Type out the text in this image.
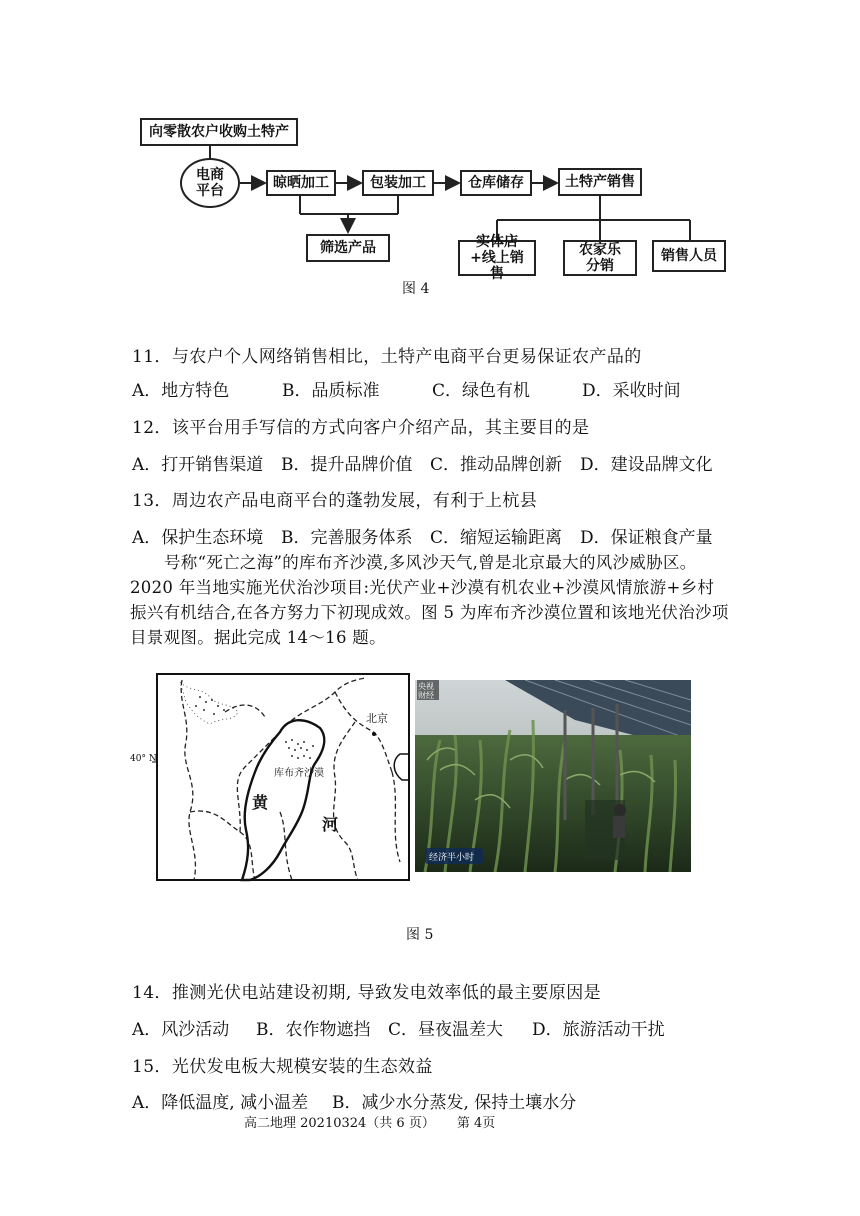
向零散农户收购土特产
电商平台	晾晒加工	包装加工	仓库储存	土特产销售
筛选产品	实体店+线上销售
农家乐分销
销售人员
图 4
11．与农户个人网络销售相比，土特产电商平台更易保证农产品的
A．地方特色	B．品质标准	C．绿色有机	D．采收时间
12．该平台用手写信的方式向客户介绍产品，其主要目的是
A．打开销售渠道 B．提升品牌价值 C．推动品牌创新 D．建设品牌文化
13．周边农产品电商平台的蓬勃发展，有利于上杭县
A．保护生态环境 B．完善服务体系 C．缩短运输距离 D．保证粮食产量
号称“死亡之海”的库布齐沙漠,多风沙天气,曾是北京最大的风沙威胁区。2020 年当地实施光伏治沙项目:光伏产业+沙漠有机农业+沙漠风情旅游+乡村振兴有机结合,在各方努力下初现成效。图 5 为库布齐沙漠位置和该地光伏治沙项目景观图。据此完成 14～16 题。
40° N
北京
库布齐沙漠
黄
河
央视财经
经济半小时
图 5
14．推测光伏电站建设初期, 导致发电效率低的最主要原因是
A．风沙活动 B．农作物遮挡 C．昼夜温差大 D．旅游活动干扰
15．光伏发电板大规模安装的生态效益
A．降低温度, 减小温差 B．减少水分蒸发, 保持土壤水分
高二地理 20210324（共 6 页） 第 4页
